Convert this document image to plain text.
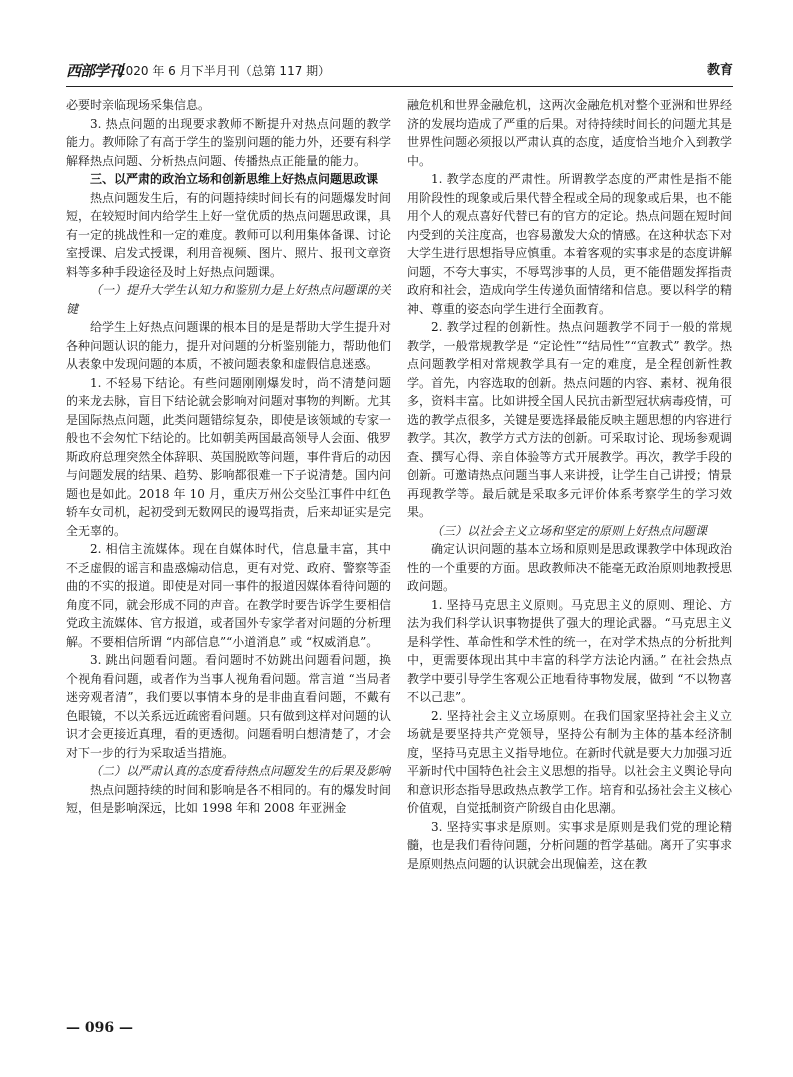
西部学刊
2020 年 6 月下半月刊（总第 117 期）	教育

必要时亲临现场采集信息。

3. 热点问题的出现要求教师不断提升对热点问题的教学能力。教师除了有高于学生的鉴别问题的能力外，还要有科学解释热点问题、分析热点问题、传播热点正能量的能力。

三、以严肃的政治立场和创新思维上好热点问题思政课

热点问题发生后，有的问题持续时间长有的问题爆发时间短，在较短时间内给学生上好一堂优质的热点问题思政课，具有一定的挑战性和一定的难度。教师可以利用集体备课、讨论室授课、启发式授课，利用音视频、图片、照片、报刊文章资料等多种手段途径及时上好热点问题课。

（一）提升大学生认知力和鉴别力是上好热点问题课的关键

给学生上好热点问题课的根本目的是是帮助大学生提升对各种问题认识的能力，提升对问题的分析鉴别能力，帮助他们从表象中发现问题的本质，不被问题表象和虚假信息迷惑。

1. 不轻易下结论。有些问题刚刚爆发时，尚不清楚问题的来龙去脉，盲目下结论就会影响对问题对事物的判断。尤其是国际热点问题，此类问题错综复杂，即使是该领域的专家一般也不会匆忙下结论的。比如朝美两国最高领导人会面、俄罗斯政府总理突然全体辞职、英国脱欧等问题，事件背后的动因与问题发展的结果、趋势、影响都很难一下子说清楚。国内问题也是如此。2018 年 10 月，重庆万州公交坠江事件中红色轿车女司机，起初受到无数网民的谩骂指责，后来却证实是完全无辜的。

2. 相信主流媒体。现在自媒体时代，信息量丰富，其中不乏虚假的谣言和蛊惑煽动信息，更有对党、政府、警察等歪曲的不实的报道。即使是对同一事件的报道因媒体看待问题的角度不同，就会形成不同的声音。在教学时要告诉学生要相信党政主流媒体、官方报道，或者国外专家学者对问题的分析理解。不要相信所谓 “内部信息”“小道消息” 或 “权威消息”。

3. 跳出问题看问题。看问题时不妨跳出问题看问题，换个视角看问题，或者作为当事人视角看问题。常言道 “当局者迷旁观者清”，我们要以事情本身的是非曲直看问题，不戴有色眼镜，不以关系远近疏密看问题。只有做到这样对问题的认识才会更接近真理，看的更透彻。问题看明白想清楚了，才会对下一步的行为采取适当措施。

（二）以严肃认真的态度看待热点问题发生的后果及影响

热点问题持续的时间和影响是各不相同的。有的爆发时间短，但是影响深远，比如 1998 年和 2008 年亚洲金

融危机和世界金融危机，这两次金融危机对整个亚洲和世界经济的发展均造成了严重的后果。对待持续时间长的问题尤其是世界性问题必须报以严肃认真的态度，适度恰当地介入到教学中。

1. 教学态度的严肃性。所谓教学态度的严肃性是指不能用阶段性的现象或后果代替全程或全局的现象或后果，也不能用个人的观点喜好代替已有的官方的定论。热点问题在短时间内受到的关注度高，也容易激发大众的情感。在这种状态下对大学生进行思想指导应慎重。本着客观的实事求是的态度讲解问题，不夸大事实，不辱骂涉事的人员，更不能借题发挥指责政府和社会，造成向学生传递负面情绪和信息。要以科学的精神、尊重的姿态向学生进行全面教育。

2. 教学过程的创新性。热点问题教学不同于一般的常规教学，一般常规教学是 “定论性”“结局性”“宣教式” 教学。热点问题教学相对常规教学具有一定的难度，是全程创新性教学。首先，内容选取的创新。热点问题的内容、素材、视角很多，资料丰富。比如讲授全国人民抗击新型冠状病毒疫情，可选的教学点很多，关键是要选择最能反映主题思想的内容进行教学。其次，教学方式方法的创新。可采取讨论、现场参观调查、撰写心得、亲自体验等方式开展教学。再次，教学手段的创新。可邀请热点问题当事人来讲授，让学生自己讲授；情景再现教学等。最后就是采取多元评价体系考察学生的学习效果。

（三）以社会主义立场和坚定的原则上好热点问题课

确定认识问题的基本立场和原则是思政课教学中体现政治性的一个重要的方面。思政教师决不能毫无政治原则地教授思政问题。

1. 坚持马克思主义原则。马克思主义的原则、理论、方法为我们科学认识事物提供了强大的理论武器。“马克思主义是科学性、革命性和学术性的统一，在对学术热点的分析批判中，更需要体现出其中丰富的科学方法论内涵。” 在社会热点教学中要引导学生客观公正地看待事物发展，做到 “不以物喜不以己悲”。

2. 坚持社会主义立场原则。在我们国家坚持社会主义立场就是要坚持共产党领导，坚持公有制为主体的基本经济制度，坚持马克思主义指导地位。在新时代就是要大力加强习近平新时代中国特色社会主义思想的指导。以社会主义舆论导向和意识形态指导思政热点教学工作。培育和弘扬社会主义核心价值观，自觉抵制资产阶级自由化思潮。

3. 坚持实事求是原则。实事求是原则是我们党的理论精髓，也是我们看待问题，分析问题的哲学基础。离开了实事求是原则热点问题的认识就会出现偏差，这在教

— 096 —
